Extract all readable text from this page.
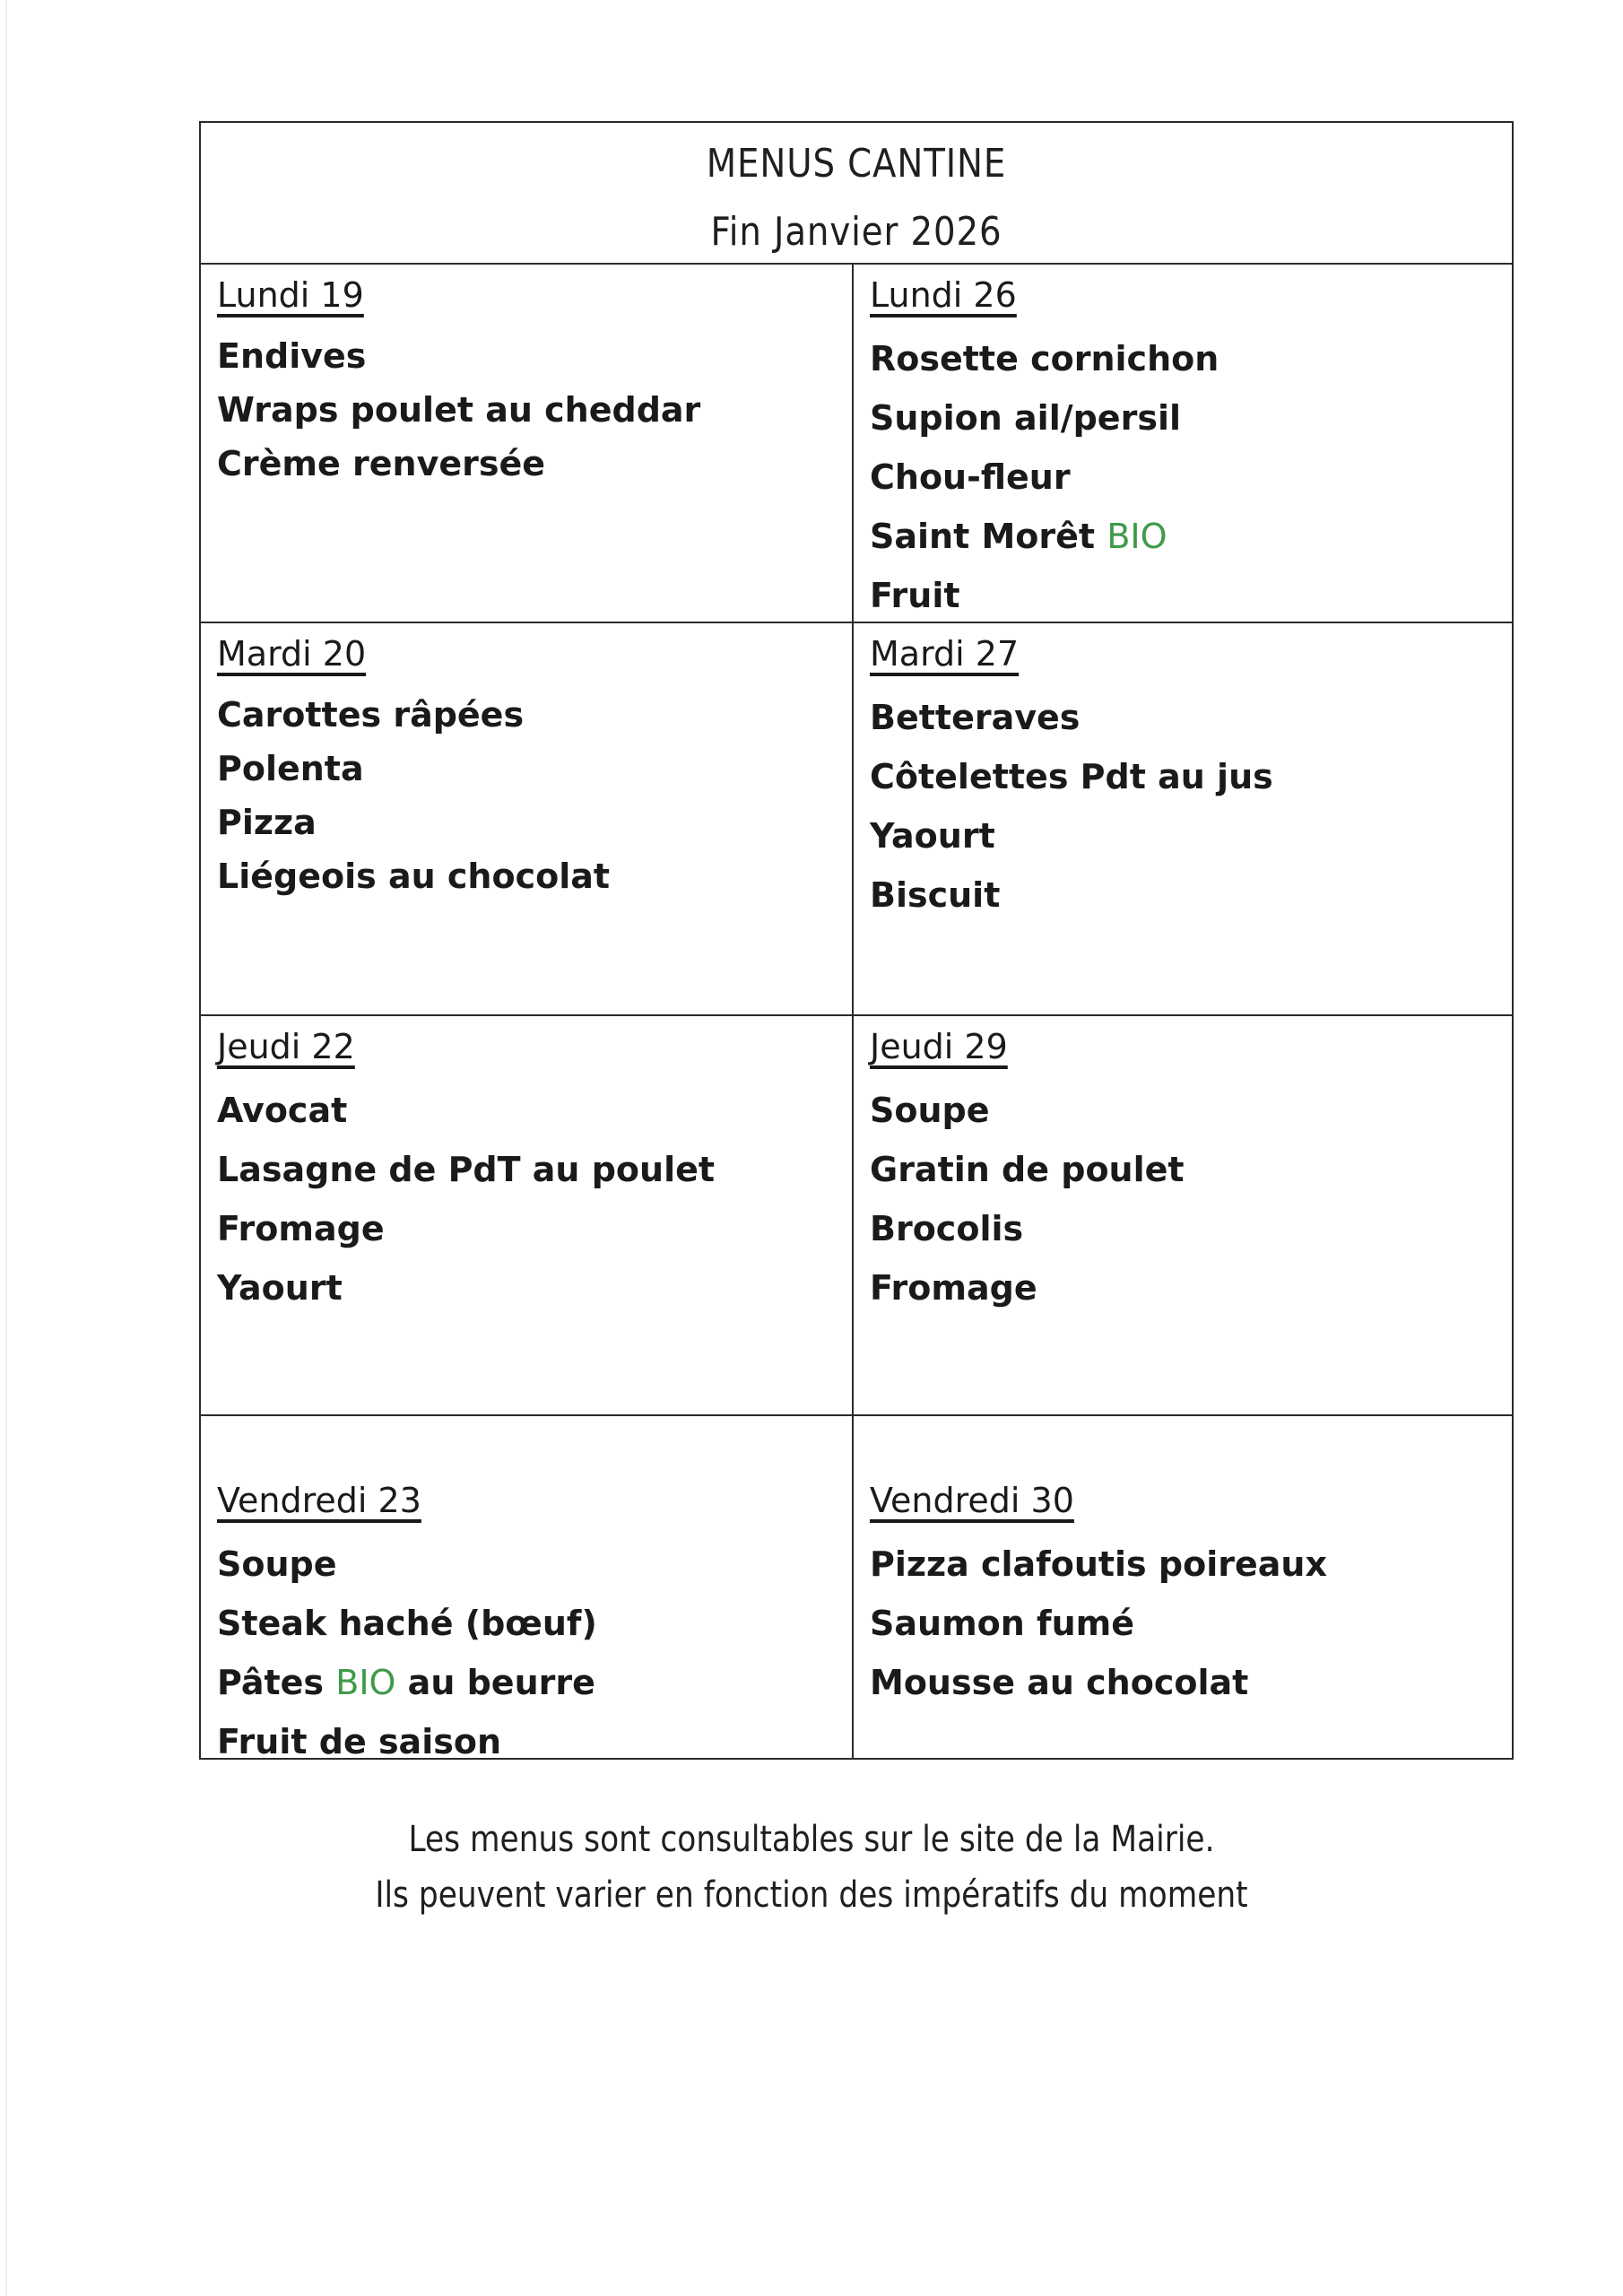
MENUS CANTINE
Fin Janvier 2026
Lundi 19
Endives
Wraps poulet au cheddar
Crème renversée
Lundi 26
Rosette cornichon
Supion ail/persil
Chou-fleur
Saint Morêt BIO
Fruit
Mardi 20
Carottes râpées
Polenta
Pizza
Liégeois au chocolat
Mardi 27
Betteraves
Côtelettes Pdt au jus
Yaourt
Biscuit
Jeudi 22
Avocat
Lasagne de PdT au poulet
Fromage
Yaourt
Jeudi 29
Soupe
Gratin de poulet
Brocolis
Fromage
Vendredi 23
Soupe
Steak haché (bœuf)
Pâtes BIO au beurre
Fruit de saison
Vendredi 30
Pizza clafoutis poireaux
Saumon fumé
Mousse au chocolat
Les menus sont consultables sur le site de la Mairie.
Ils peuvent varier en fonction des impératifs du moment
